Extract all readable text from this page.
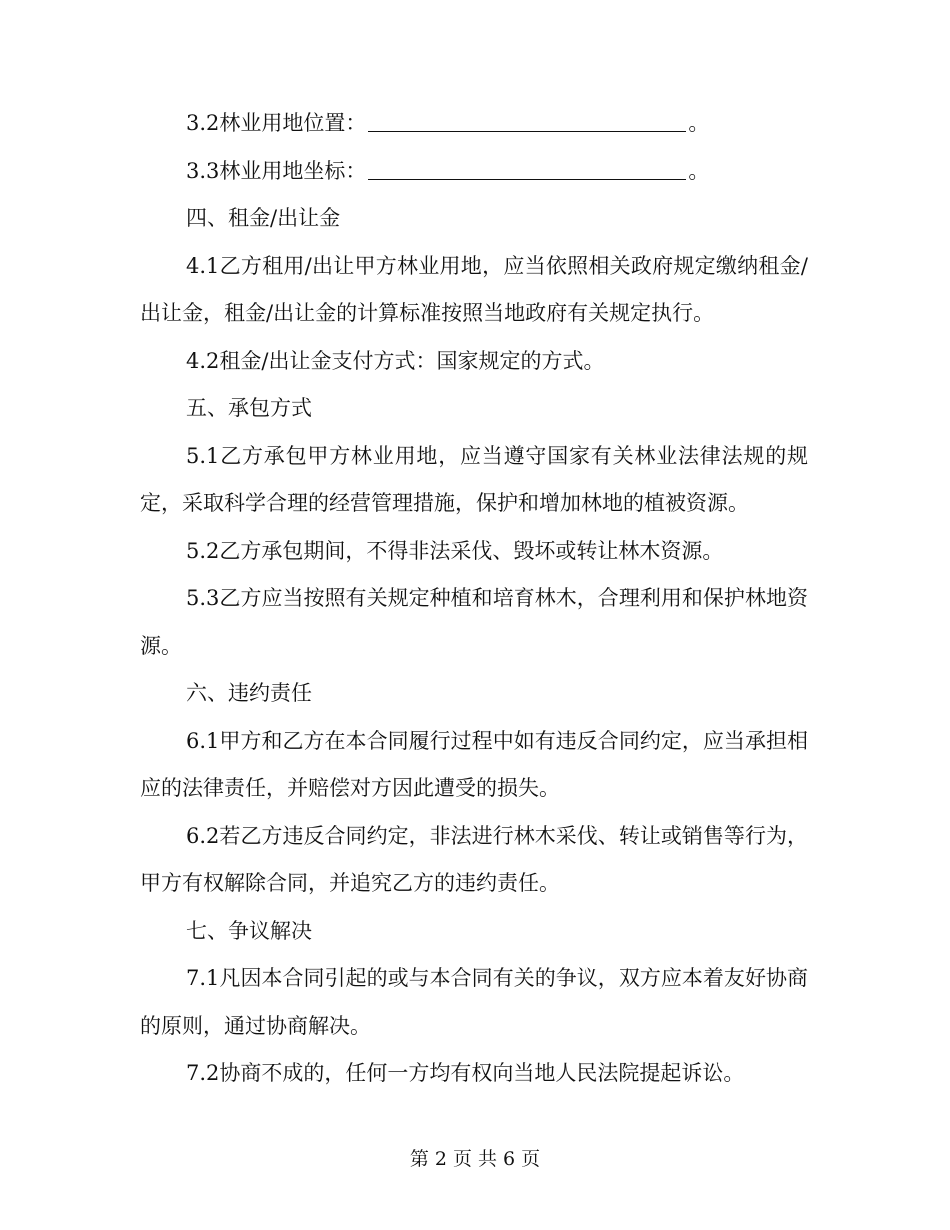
3.2林业用地位置：	。

3.3林业用地坐标：	。

四、租金/出让金

4.1乙方租用/出让甲方林业用地，应当依照相关政府规定缴纳租金/出让金，租金/出让金的计算标准按照当地政府有关规定执行。

4.2租金/出让金支付方式：国家规定的方式。

五、承包方式

5.1乙方承包甲方林业用地，应当遵守国家有关林业法律法规的规定，采取科学合理的经营管理措施，保护和增加林地的植被资源。

5.2乙方承包期间，不得非法采伐、毁坏或转让林木资源。

5.3乙方应当按照有关规定种植和培育林木，合理利用和保护林地资源。

六、违约责任

6.1甲方和乙方在本合同履行过程中如有违反合同约定，应当承担相应的法律责任，并赔偿对方因此遭受的损失。

6.2若乙方违反合同约定，非法进行林木采伐、转让或销售等行为，甲方有权解除合同，并追究乙方的违约责任。

七、争议解决

7.1凡因本合同引起的或与本合同有关的争议，双方应本着友好协商的原则，通过协商解决。

7.2协商不成的，任何一方均有权向当地人民法院提起诉讼。

第 2 页 共 6 页
